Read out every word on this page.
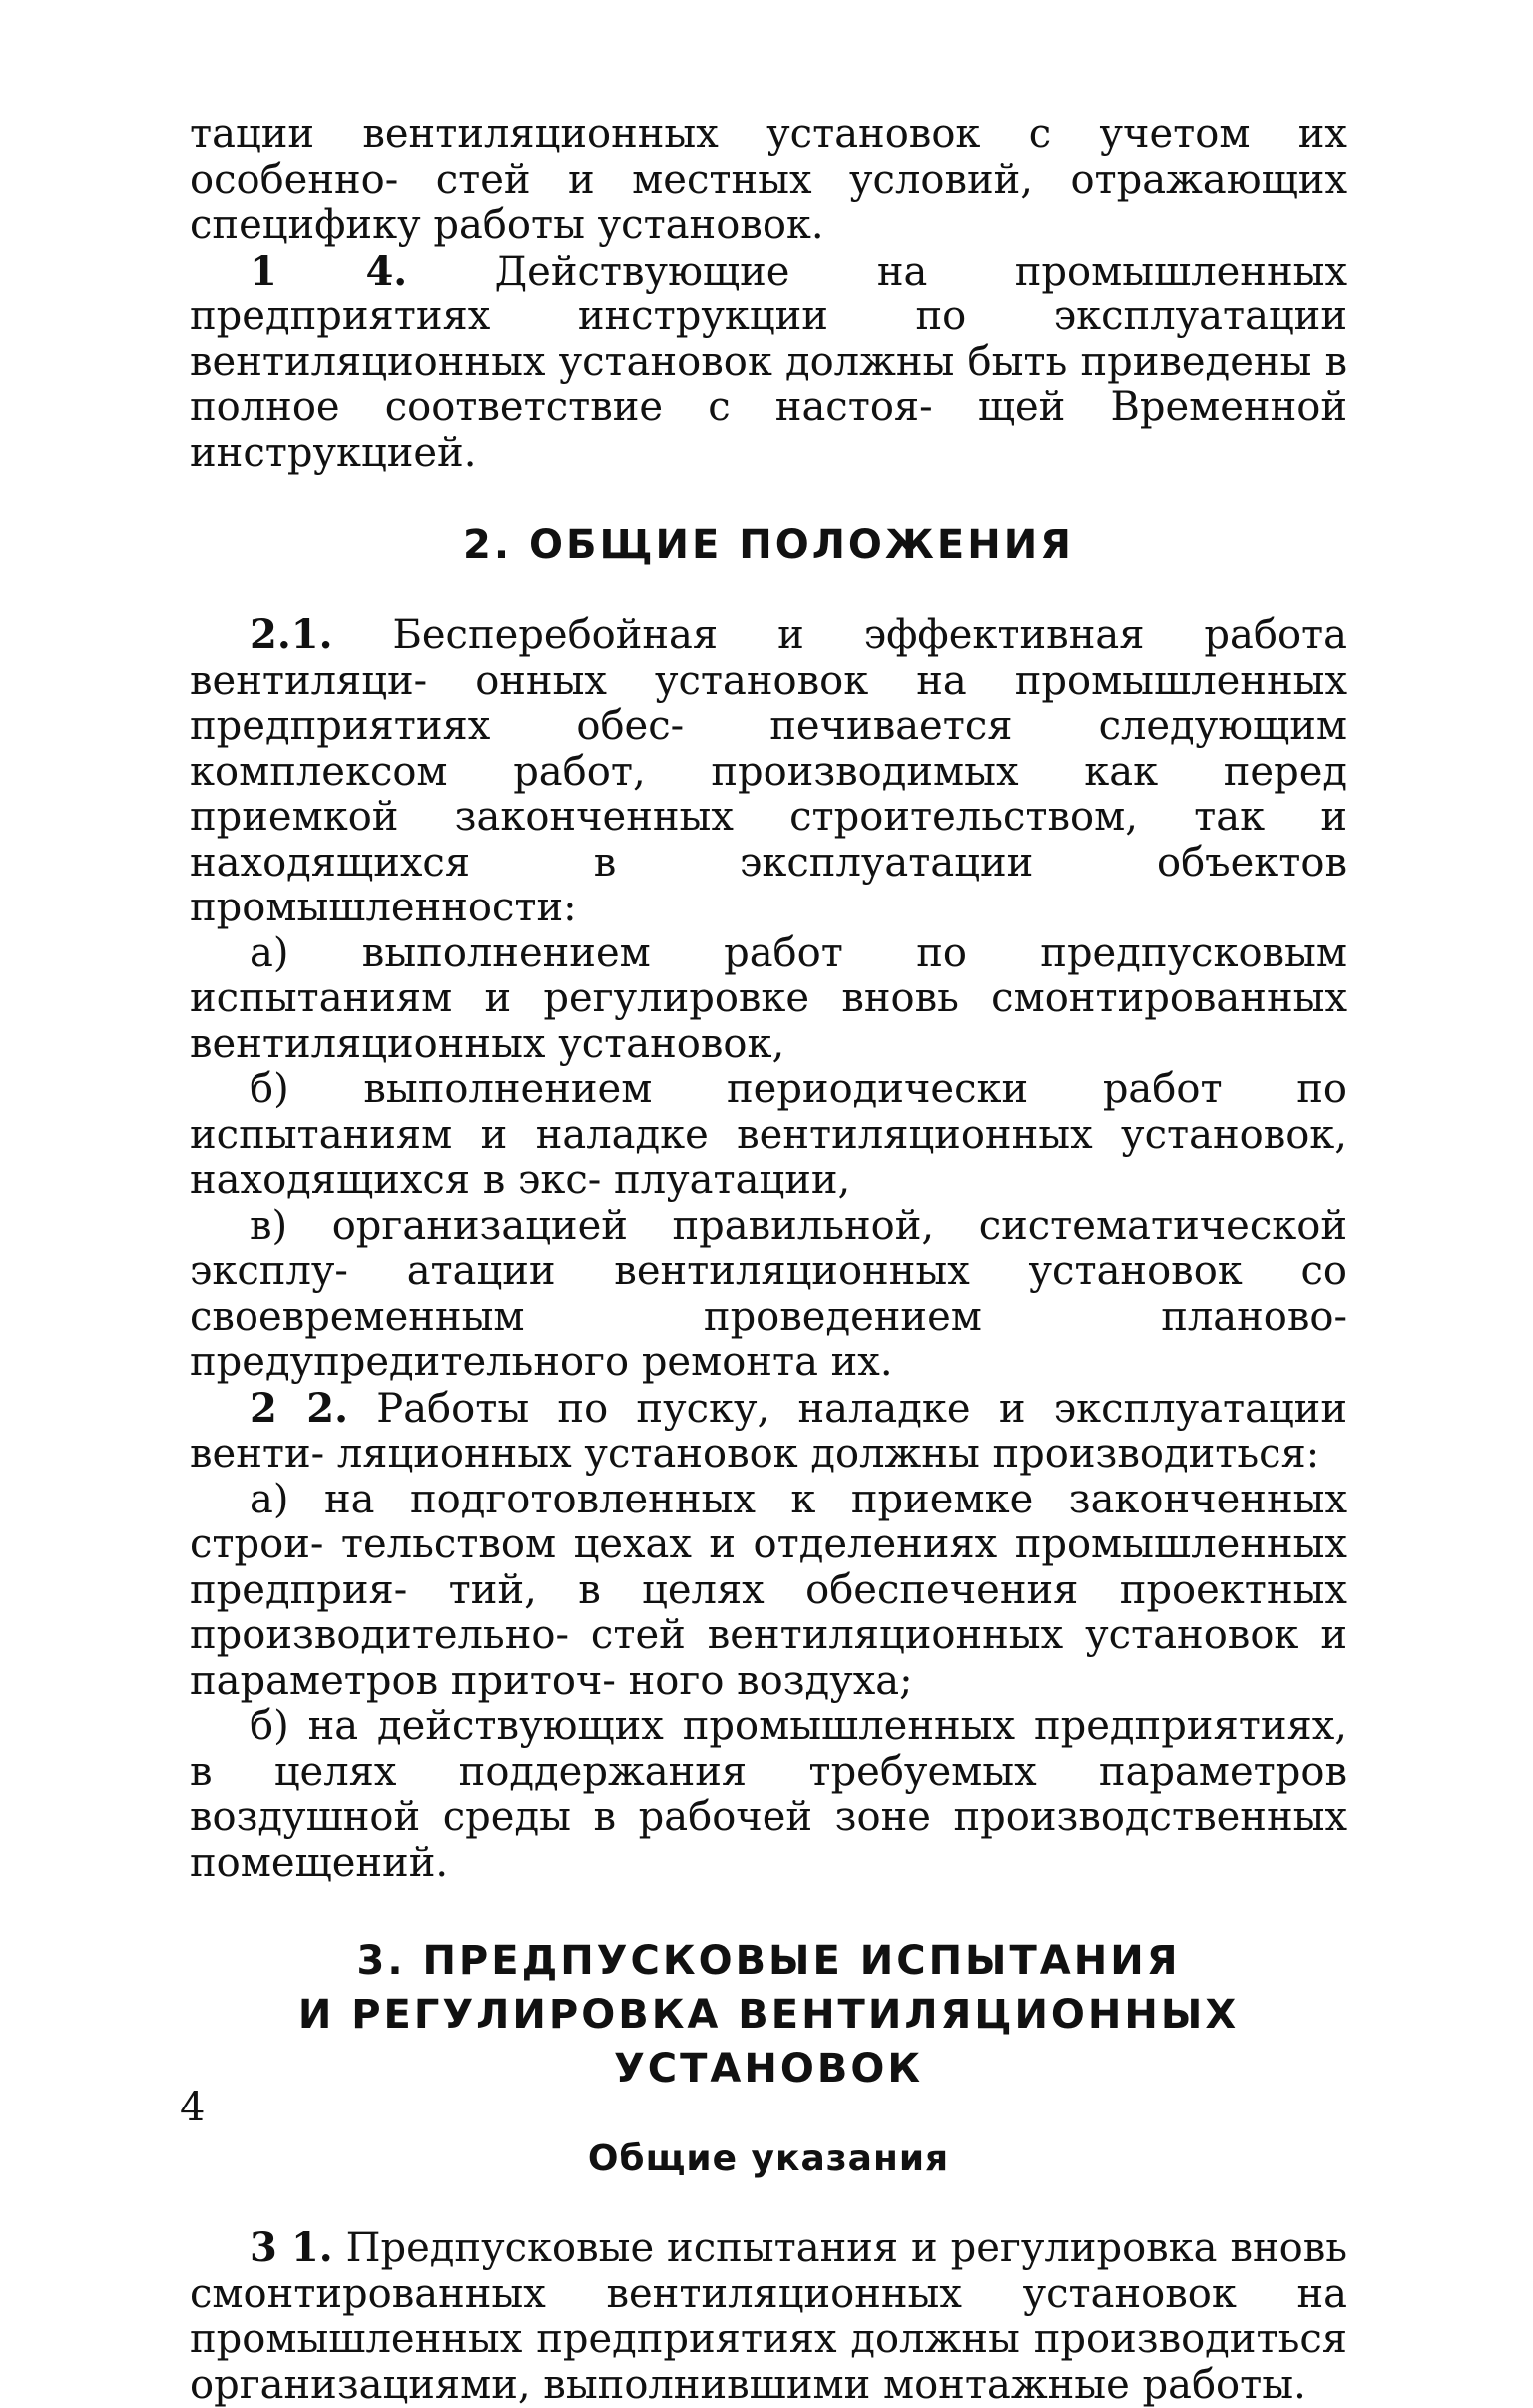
тации вентиляционных установок с учетом их особенно- стей и местных условий, отражающих специфику работы установок.

1 4. Действующие на промышленных предприятиях инструкции по эксплуатации вентиляционных установок должны быть приведены в полное соответствие с настоя- щей Временной инструкцией.

2. ОБЩИЕ ПОЛОЖЕНИЯ

2.1. Бесперебойная и эффективная работа вентиляци- онных установок на промышленных предприятиях обес- печивается следующим комплексом работ, производимых как перед приемкой законченных строительством, так и находящихся в эксплуатации объектов промышленности:

а) выполнением работ по предпусковым испытаниям и регулировке вновь смонтированных вентиляционных установок,

б) выполнением периодически работ по испытаниям и наладке вентиляционных установок, находящихся в экс- плуатации,

в) организацией правильной, систематической эксплу- атации вентиляционных установок со своевременным	проведением планово-предупредительного ремонта их.

2 2. Работы по пуску, наладке и эксплуатации венти- ляционных установок должны производиться:

а) на подготовленных к приемке законченных строи- тельством цехах и отделениях промышленных предприя- тий, в целях обеспечения проектных производительно- стей вентиляционных установок и параметров приточ- ного воздуха;

б) на действующих промышленных предприятиях, в целях поддержания требуемых параметров воздушной среды в рабочей зоне производственных помещений.

3. ПРЕДПУСКОВЫЕ ИСПЫТАНИЯ
И РЕГУЛИРОВКА ВЕНТИЛЯЦИОННЫХ
УСТАНОВОК
Общие указания

3 1. Предпусковые испытания и регулировка вновь смонтированных вентиляционных установок на промышленных предприятиях должны производиться организациями, выполнившими монтажные работы.

4
